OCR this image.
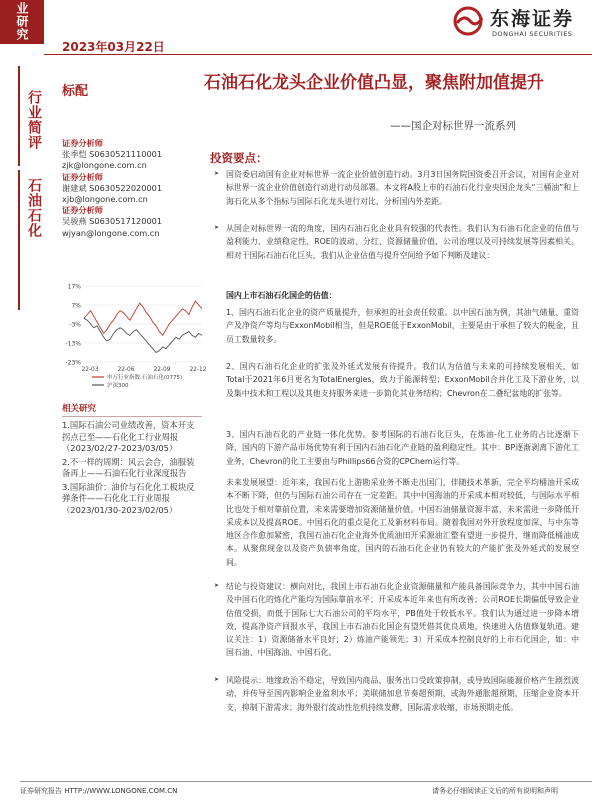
业研究
2023年03月22日
东海证券
DONGHAI SECURITIES
行业简评
石油石化
标配	石油石化龙头企业价值凸显，聚焦附加值提升
——国企对标世界一流系列
证券分析师
张季恺 S0630521110001
zjk@longone.com.cn
证券分析师
谢建斌 S0630522020001
xjb@longone.com.cn
证券分析师
吴骏燕 S0630517120001
wjyan@longone.com.cn
17%
7%
-3%
-13%
-23%
22-03	22-06	22-09	22-12
申万行业指数:石油石化(0775)
沪深300
相关研究
1.国际石油公司业绩改善，资本开支拐点已至——石化化工行业周报（2023/02/27-2023/03/05）
2.不一样的周期：风云会合，油服装备再上——石油石化行业深度报告
3.国际油价：油价与石化化工板块反弹条件——石化化工行业周报（2023/01/30-2023/02/05）
投资要点：
➤ 国资委启动国有企业对标世界一流企业价值创造行动。3月3日国务院国资委召开会议，对国有企业对标世界一流企业价值创造行动进行动员部署。本文将A股上市的石油石化行业央国企龙头“三桶油”和上海石化从多个指标与国际石化龙头进行对比，分析国内外差距。
➤ 从国企对标世界一流的角度，国内石油石化企业具有较强的代表性。我们认为石油石化企业的估值与盈利能力、业绩稳定性、ROE的波动、分红、资源储量价值、公司治理以及可持续发展等因素相关。相对于国际石油石化巨头，我们从企业估值与提升空间给予如下判断及建议：
国内上市石油石化国企的估值：
1、国内石油石化企业的资产质量提升，但承担的社会责任较重。以中国石油为例，其油气储量、重资产及净资产等均与ExxonMobil相当，但是ROE低于ExxonMobil，主要是由于承担了较大的税金，且员工数量较多。
2、国内石油石化企业的扩张及外延式发展有待提升。我们认为估值与未来的可持续发展相关，如Total于2021年6月更名为TotalEnergies，致力于能源转型；ExxonMobil合并化工及下游业务，以及集中技术和工程以及其他支持服务来进一步简化其业务结构；Chevron在二叠纪盆地的扩张等。
3、国内石油石化的产业链一体化优势。参考国际的石油石化巨头，在炼油-化工业务的占比逐渐下降，国内的下游产品市场优势有利于国内石油石化产业链的盈利稳定性。其中：BP逐渐剥离下游化工业务，Chevron的化工主要由与Phillips66合资的CPChem运行等。
未来发展展望：近年来，我国石化上游勘采业务不断走出国门，伴随技术革新，完全平均桶油开采成本不断下降，但仍与国际石油公司存在一定差距。其中中国海油的开采成本相对较低，与国际水平相比也处于相对靠前位置，未来需要增加资源储量价值。中国石油储量资源丰富，未来需进一步降低开采成本以及提高ROE。中国石化的重点是化工及新材料布局。随着我国对外开放程度加深、与中东等地区合作愈加紧密，我国石油石化企业海外优质油田开采源油汇整有望进一步提升，继而降低桶油成本。从聚焦现金以及资产负债率角度，国内的石油石化企业仍有较大的产能扩张及外延式的发展空间。
➤ 结论与投资建议：横向对比，我国上市石油石化企业资源储量和产能具备国际竞争力，其中中国石油及中国石化的炼化产能均为国际靠前水平；开采成本近年来也有所改善；公司ROE长期偏低导致企业估值受损，而低于国际七大石油公司的平均水平，PB值处于较低水平。我们认为通过进一步降本增效，提高净资产回报水平，我国上市石油石化国企有望凭借其优良质地，快速进入估值修复轨道。建议关注：1）资源储备水平良好；2）炼油产能领先；3）开采成本控制良好的上市石化国企，如：中国石油、中国海油、中国石化。
➤ 风险提示：地缘政治不稳定，导致国内商品、服务出口受政策抑制，或导致国际能源价格产生剧烈波动，并传导至国内影响企业盈利水平；美联储加息节奏超预期，或海外通胀超预期，压缩企业资本开支，抑制下游需求；海外银行流动性危机持续发酵，国际需求收缩，市场预期走低。
证券研究报告 HTTP://WWW.LONGONE.COM.CN	请务必仔细阅读正文后的所有说明和声明
